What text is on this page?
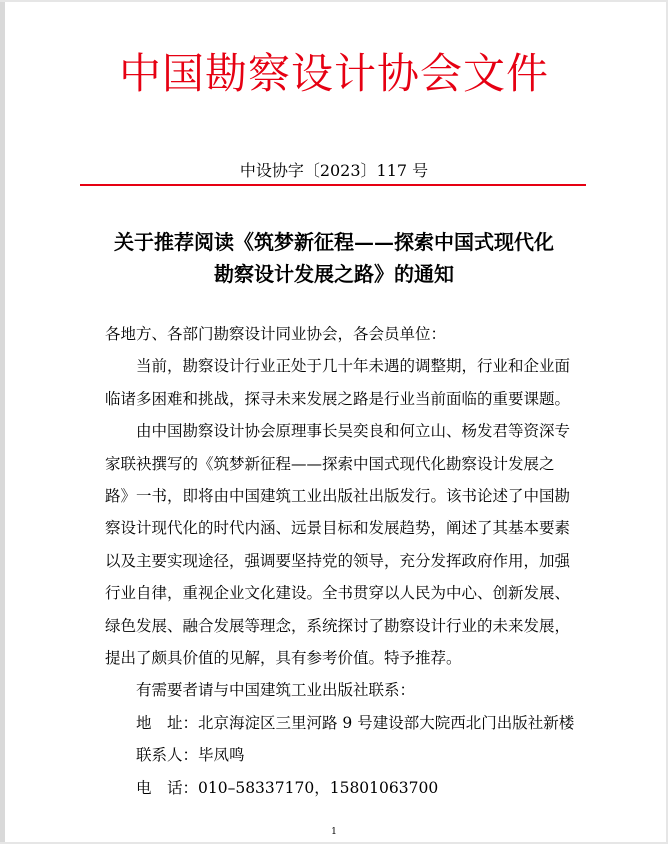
中国勘察设计协会文件
中设协字〔2023〕117 号
关于推荐阅读《筑梦新征程——探索中国式现代化
勘察设计发展之路》的通知

各地方、各部门勘察设计同业协会，各会员单位：

当前，勘察设计行业正处于几十年未遇的调整期，行业和企业面临诸多困难和挑战，探寻未来发展之路是行业当前面临的重要课题。

由中国勘察设计协会原理事长吴奕良和何立山、杨发君等资深专家联袂撰写的《筑梦新征程——探索中国式现代化勘察设计发展之路》一书，即将由中国建筑工业出版社出版发行。该书论述了中国勘察设计现代化的时代内涵、远景目标和发展趋势，阐述了其基本要素以及主要实现途径，强调要坚持党的领导，充分发挥政府作用，加强行业自律，重视企业文化建设。全书贯穿以人民为中心、创新发展、绿色发展、融合发展等理念，系统探讨了勘察设计行业的未来发展，提出了颇具价值的见解，具有参考价值。特予推荐。

有需要者请与中国建筑工业出版社联系：

地　址：北京海淀区三里河路 9 号建设部大院西北门出版社新楼

联系人：毕凤鸣

电　话：010–58337170，15801063700

1
